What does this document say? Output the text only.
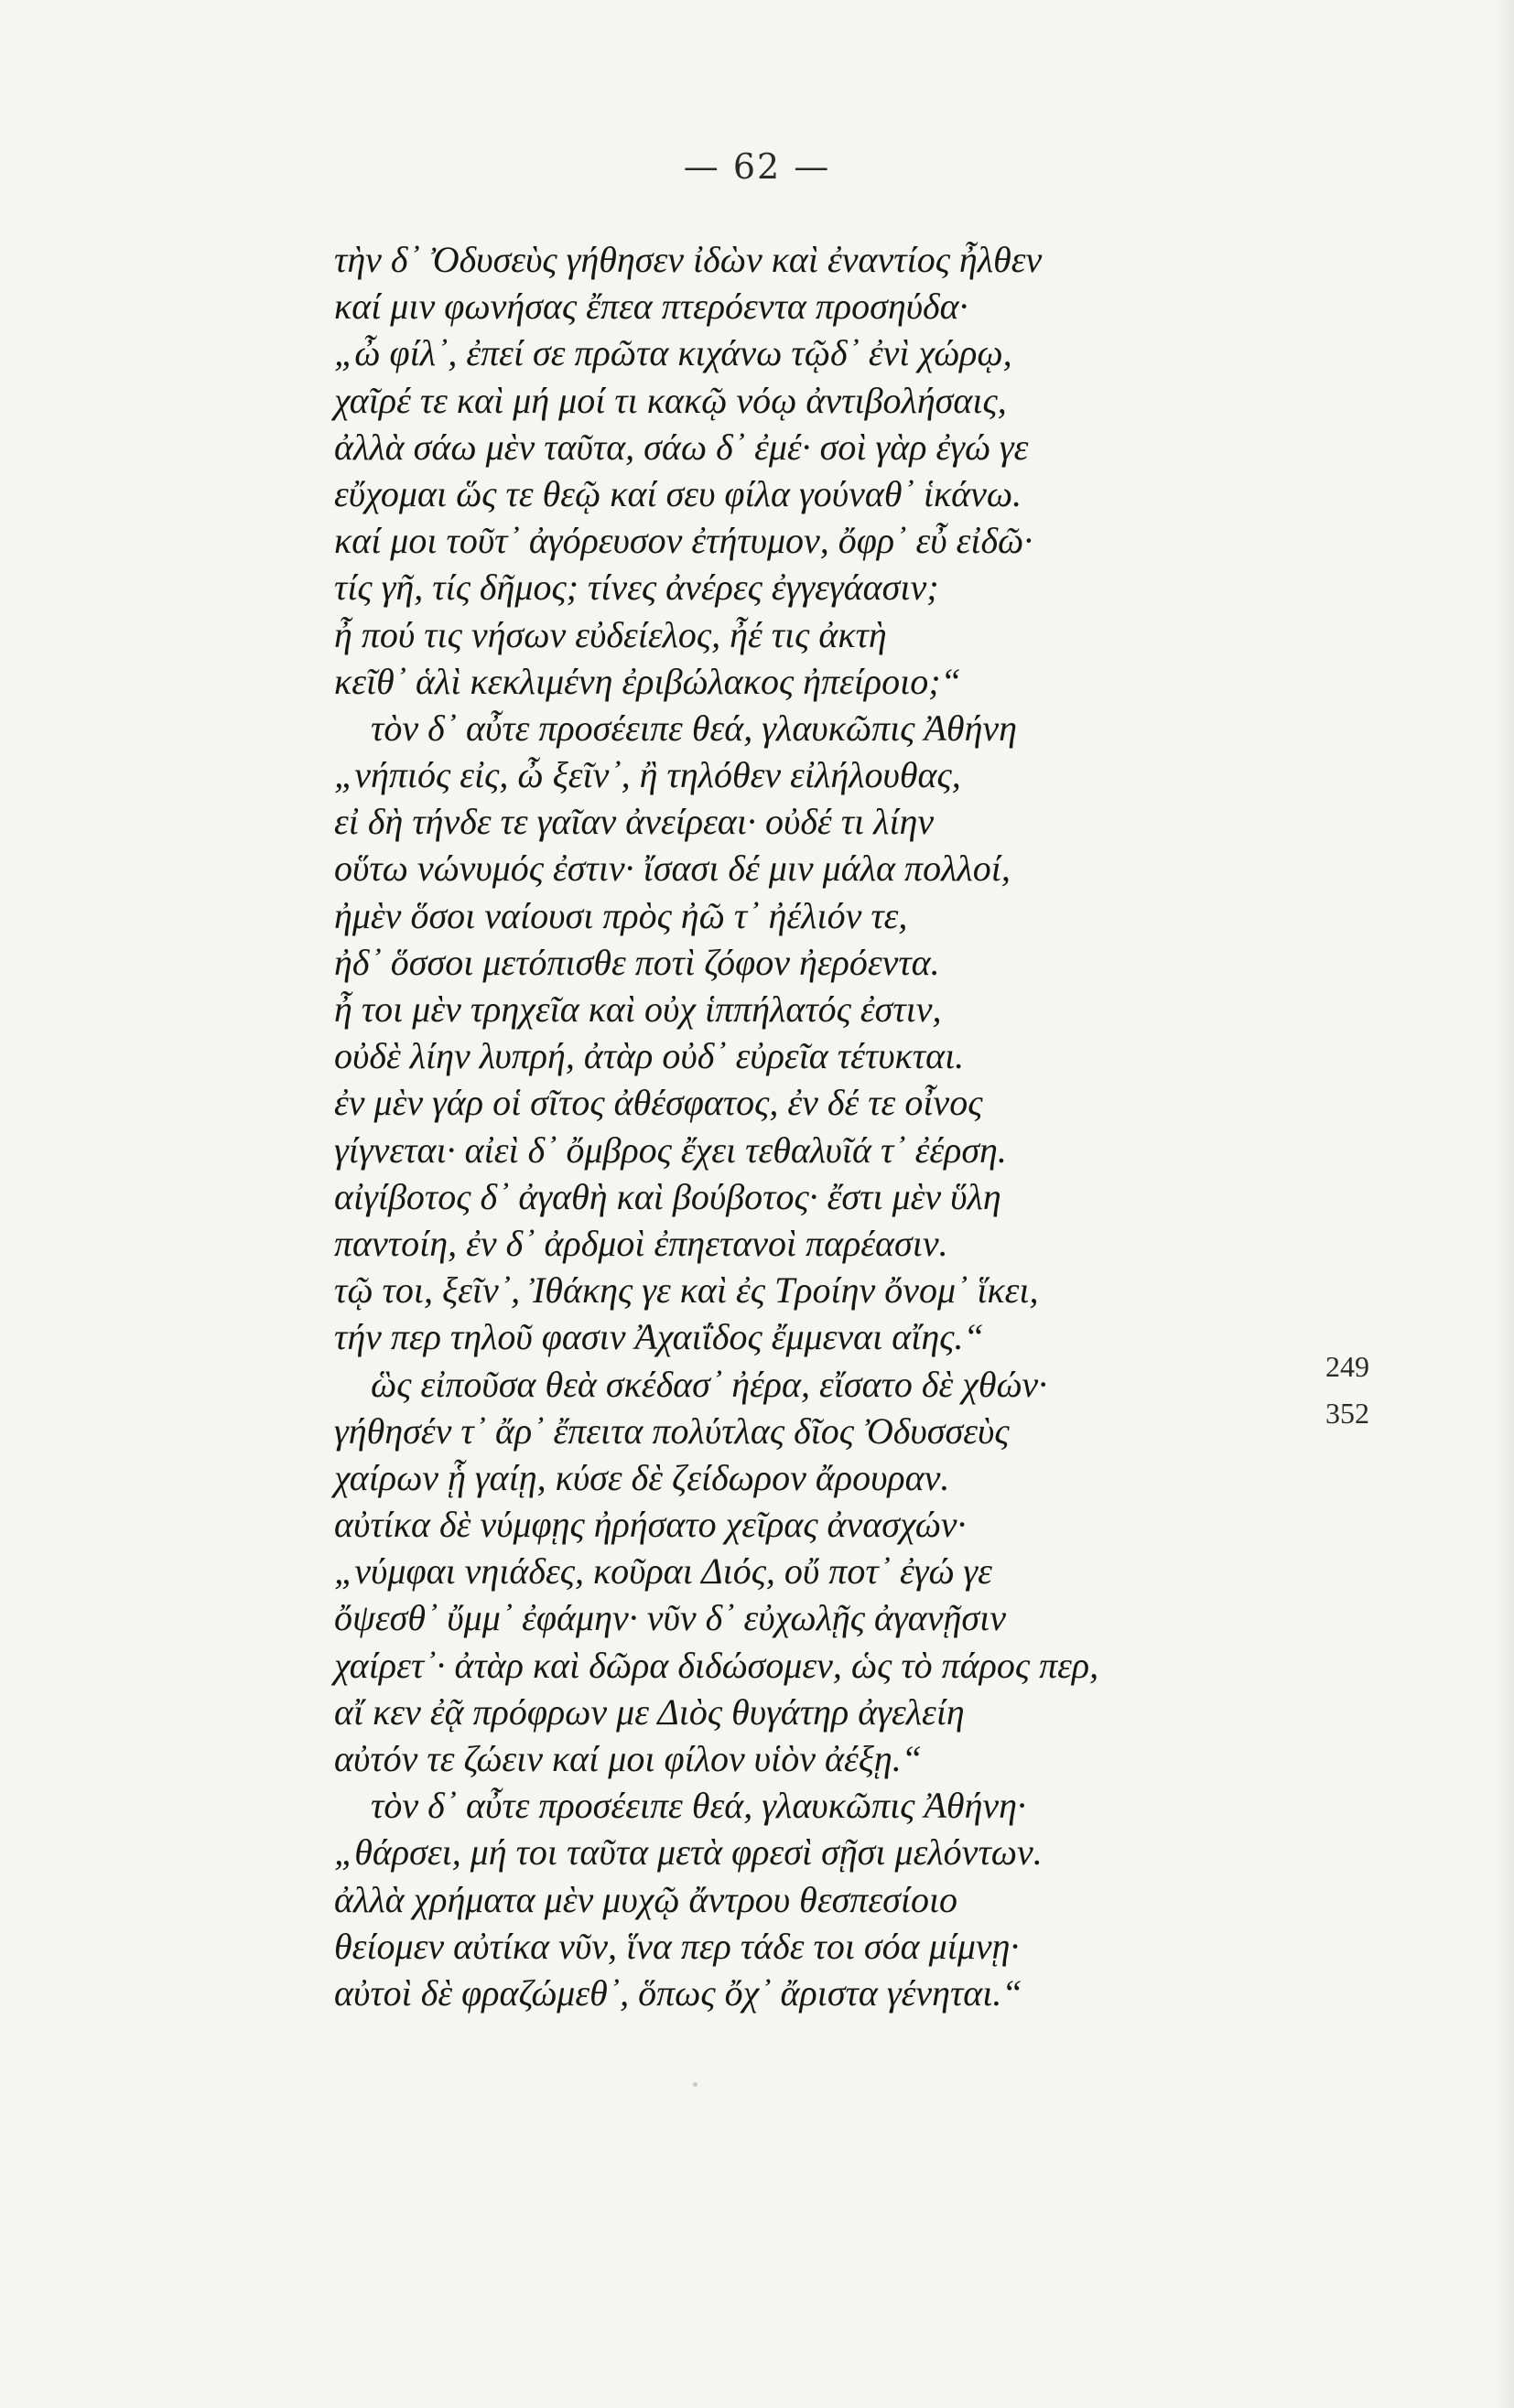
— 62 —
τὴν δ᾽ Ὀδυσεὺς γήθησεν ἰδὼν καὶ ἐναντίος ἦλθεν
καί μιν φωνήσας ἔπεα πτερόεντα προσηύδα·
„ὦ φίλ᾽, ἐπεί σε πρῶτα κιχάνω τῷδ᾽ ἐνὶ χώρῳ,
χαῖρέ τε καὶ μή μοί τι κακῷ νόῳ ἀντιβολήσαις,
ἀλλὰ σάω μὲν ταῦτα, σάω δ᾽ ἐμέ· σοὶ γὰρ ἐγώ γε
εὔχομαι ὥς τε θεῷ καί σευ φίλα γούναθ᾽ ἱκάνω.
καί μοι τοῦτ᾽ ἀγόρευσον ἐτήτυμον, ὄφρ᾽ εὖ εἰδῶ·
τίς γῆ, τίς δῆμος; τίνες ἀνέρες ἐγγεγάασιν;
ἦ πού τις νήσων εὐδείελος, ἦέ τις ἀκτὴ
κεῖθ᾽ ἁλὶ κεκλιμένη ἐριβώλακος ἠπείροιο;“
τὸν δ᾽ αὖτε προσέειπε θεά, γλαυκῶπις Ἀθήνη
„νήπιός εἰς, ὦ ξεῖν᾽, ἢ τηλόθεν εἰλήλουθας,
εἰ δὴ τήνδε τε γαῖαν ἀνείρεαι· οὐδέ τι λίην
οὕτω νώνυμός ἐστιν· ἴσασι δέ μιν μάλα πολλοί,
ἠμὲν ὅσοι ναίουσι πρὸς ἠῶ τ᾽ ἠέλιόν τε,
ἠδ᾽ ὅσσοι μετόπισθε ποτὶ ζόφον ἠερόεντα.
ἦ τοι μὲν τρηχεῖα καὶ οὐχ ἱππήλατός ἐστιν,
οὐδὲ λίην λυπρή, ἀτὰρ οὐδ᾽ εὐρεῖα τέτυκται.
ἐν μὲν γάρ οἱ σῖτος ἀθέσφατος, ἐν δέ τε οἶνος
γίγνεται· αἰεὶ δ᾽ ὄμβρος ἔχει τεθαλυῖά τ᾽ ἐέρση.
αἰγίβοτος δ᾽ ἀγαθὴ καὶ βούβοτος· ἔστι μὲν ὕλη
παντοίη, ἐν δ᾽ ἀρδμοὶ ἐπηετανοὶ παρέασιν.
τῷ τοι, ξεῖν᾽, Ἰθάκης γε καὶ ἐς Τροίην ὄνομ᾽ ἵκει,
τήν περ τηλοῦ φασιν Ἀχαιΐδος ἔμμεναι αἴης.“
ὣς εἰποῦσα θεὰ σκέδασ᾽ ἠέρα, εἴσατο δὲ χθών·
γήθησέν τ᾽ ἄρ᾽ ἔπειτα πολύτλας δῖος Ὀδυσσεὺς
χαίρων ᾗ γαίῃ, κύσε δὲ ζείδωρον ἄρουραν.
αὐτίκα δὲ νύμφῃς ἠρήσατο χεῖρας ἀνασχών·
„νύμφαι νηιάδες, κοῦραι Διός, οὔ ποτ᾽ ἐγώ γε
ὄψεσθ᾽ ὔμμ᾽ ἐφάμην· νῦν δ᾽ εὐχωλῇς ἀγανῇσιν
χαίρετ᾽· ἀτὰρ καὶ δῶρα διδώσομεν, ὡς τὸ πάρος περ,
αἴ κεν ἐᾷ πρόφρων με Διὸς θυγάτηρ ἀγελείη
αὐτόν τε ζώειν καί μοι φίλον υἱὸν ἀέξῃ.“
τὸν δ᾽ αὖτε προσέειπε θεά, γλαυκῶπις Ἀθήνη·
„θάρσει, μή τοι ταῦτα μετὰ φρεσὶ σῇσι μελόντων.
ἀλλὰ χρήματα μὲν μυχῷ ἄντρου θεσπεσίοιο
θείομεν αὐτίκα νῦν, ἵνα περ τάδε τοι σόα μίμνῃ·
αὐτοὶ δὲ φραζώμεθ᾽, ὅπως ὄχ᾽ ἄριστα γένηται.“
249
352
